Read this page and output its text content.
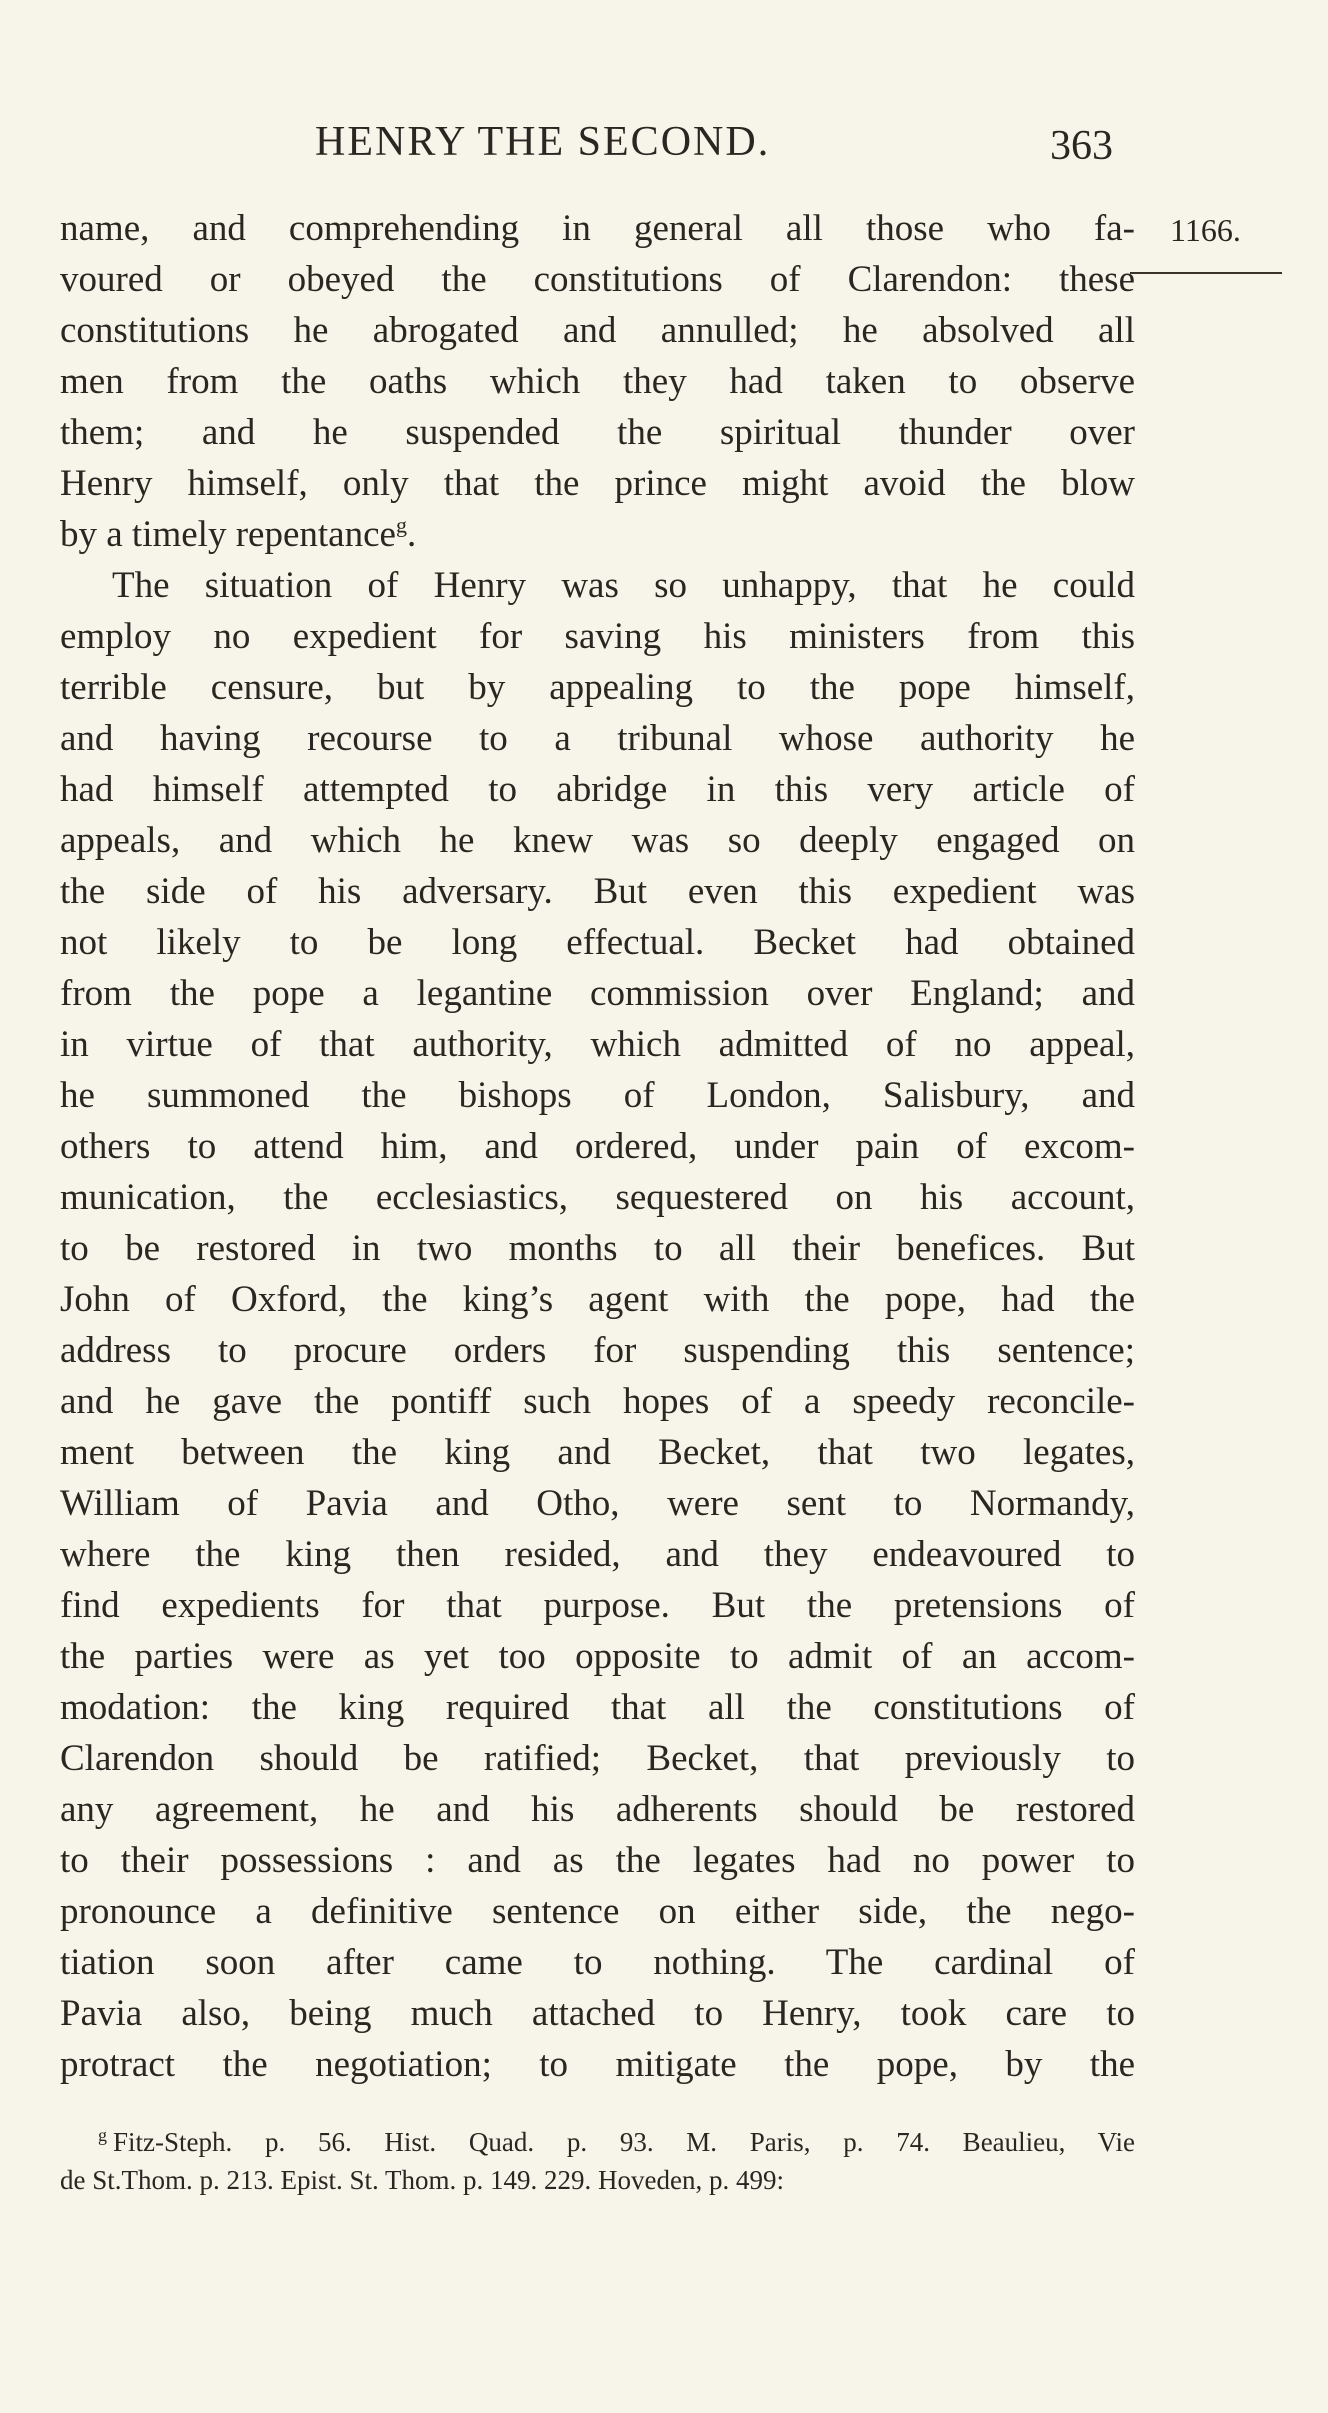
HENRY THE SECOND.	363
1166.
name, and comprehending in general all those who fa-
voured or obeyed the constitutions of Clarendon: these
constitutions he abrogated and annulled; he absolved all
men from the oaths which they had taken to observe
them; and he suspended the spiritual thunder over
Henry himself, only that the prince might avoid the blow
by a timely repentance$^g$.
The situation of Henry was so unhappy, that he could
employ no expedient for saving his ministers from this
terrible censure, but by appealing to the pope himself,
and having recourse to a tribunal whose authority he
had himself attempted to abridge in this very article of
appeals, and which he knew was so deeply engaged on
the side of his adversary. But even this expedient was
not likely to be long effectual. Becket had obtained
from the pope a legantine commission over England; and
in virtue of that authority, which admitted of no appeal,
he summoned the bishops of London, Salisbury, and
others to attend him, and ordered, under pain of excom-
munication, the ecclesiastics, sequestered on his account,
to be restored in two months to all their benefices. But
John of Oxford, the king’s agent with the pope, had the
address to procure orders for suspending this sentence;
and he gave the pontiff such hopes of a speedy reconcile-
ment between the king and Becket, that two legates,
William of Pavia and Otho, were sent to Normandy,
where the king then resided, and they endeavoured to
find expedients for that purpose. But the pretensions of
the parties were as yet too opposite to admit of an accom-
modation: the king required that all the constitutions of
Clarendon should be ratified; Becket, that previously to
any agreement, he and his adherents should be restored
to their possessions : and as the legates had no power to
pronounce a definitive sentence on either side, the nego-
tiation soon after came to nothing. The cardinal of
Pavia also, being much attached to Henry, took care to
protract the negotiation; to mitigate the pope, by the
$^g$ Fitz-Steph. p. 56. Hist. Quad. p. 93. M. Paris, p. 74. Beaulieu, Vie
de St.Thom. p. 213. Epist. St. Thom. p. 149. 229. Hoveden, p. 499:
